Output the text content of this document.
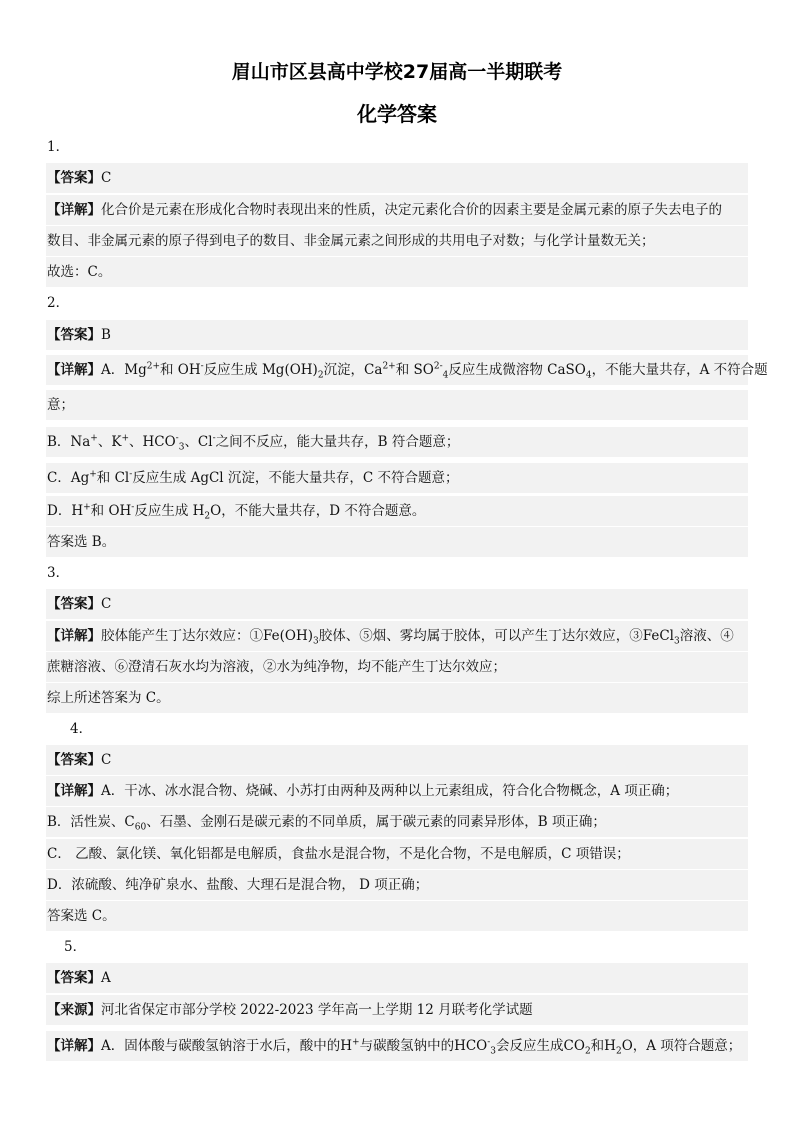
眉山市区县高中学校27届高一半期联考
化学答案
1．
【答案】C
【详解】化合价是元素在形成化合物时表现出来的性质，决定元素化合价的因素主要是金属元素的原子失去电子的
数目、非金属元素的原子得到电子的数目、非金属元素之间形成的共用电子对数；与化学计量数无关；
故选：C。
2．
【答案】B
【详解】A．$Mg^{2+}$和 OH-反应生成 $Mg(OH)_2$沉淀，$Ca^{2+}$和 $SO^{2-}_4$反应生成微溶物 CaSO$_4$，不能大量共存，A 不符合题
意；
B．Na+、K+、$HCO^-_3$、Cl-之间不反应，能大量共存，B 符合题意；
C．Ag+和 Cl-反应生成 AgCl 沉淀，不能大量共存，C 不符合题意；
D．H+和 OH-反应生成 $H_2O$，不能大量共存，D 不符合题意。
答案选 B。
3．
【答案】C
【详解】胶体能产生丁达尔效应：$①Fe(OH)_3$胶体、⑤烟、雾均属于胶体，可以产生丁达尔效应，③FeCl$_3$溶液、④
蔗糖溶液、⑥澄清石灰水均为溶液，②水为纯净物，均不能产生丁达尔效应；
综上所述答案为 C。
4．
【答案】C
【详解】A．干冰、冰水混合物、烧碱、小苏打由两种及两种以上元素组成，符合化合物概念，A 项正确；
B．活性炭、$C_{60}$、石墨、金刚石是碳元素的不同单质，属于碳元素的同素异形体，B 项正确；
C． 乙酸、氯化镁、氧化铝都是电解质，食盐水是混合物，不是化合物，不是电解质，C 项错误；
D．浓硫酸、纯净矿泉水、盐酸、大理石是混合物， D 项正确；
答案选 C。
5．
【答案】A
【来源】河北省保定市部分学校 2022-2023 学年高一上学期 12 月联考化学试题
【详解】A．固体酸与碳酸氢钠溶于水后，酸中的H+与碳酸氢钠中的$HCO^-_3$会反应生成$CO_2$和$H_2O$，A 项符合题意；
